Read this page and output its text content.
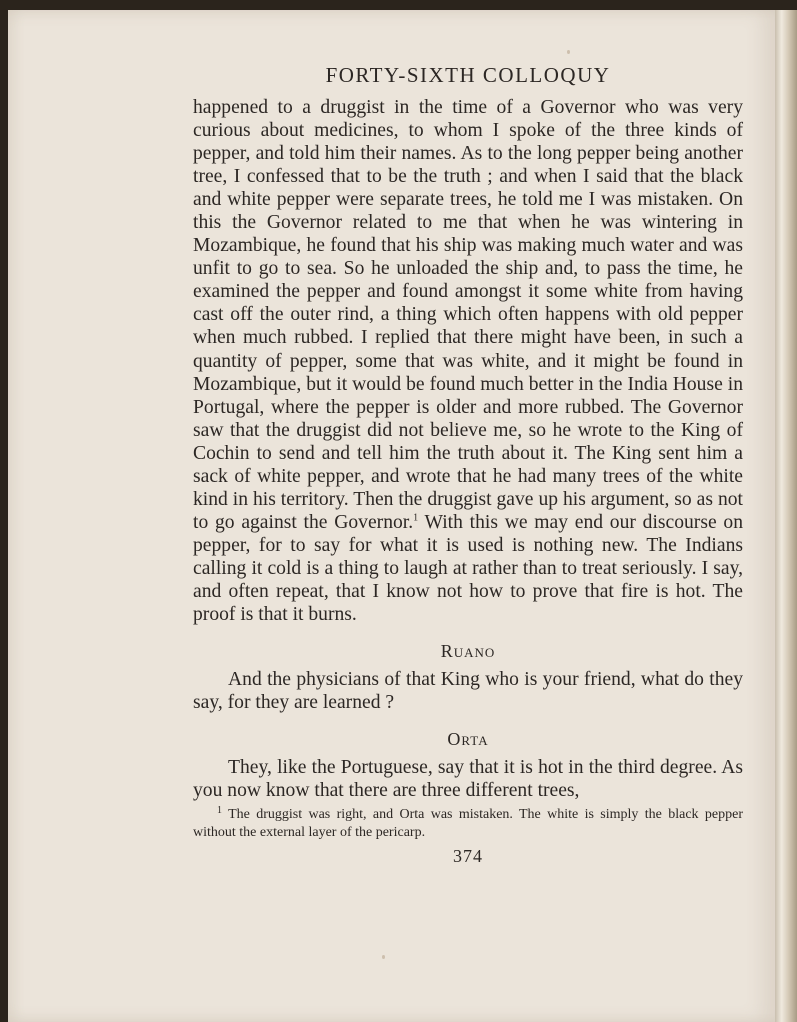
FORTY-SIXTH COLLOQUY

happened to a druggist in the time of a Governor who was very curious about medicines, to whom I spoke of the three kinds of pepper, and told him their names. As to the long pepper being another tree, I confessed that to be the truth ; and when I said that the black and white pepper were separate trees, he told me I was mistaken. On this the Governor related to me that when he was wintering in Mozambique, he found that his ship was making much water and was unfit to go to sea. So he unloaded the ship and, to pass the time, he examined the pepper and found amongst it some white from having cast off the outer rind, a thing which often happens with old pepper when much rubbed. I replied that there might have been, in such a quantity of pepper, some that was white, and it might be found in Mozambique, but it would be found much better in the India House in Portugal, where the pepper is older and more rubbed. The Governor saw that the druggist did not believe me, so he wrote to the King of Cochin to send and tell him the truth about it. The King sent him a sack of white pepper, and wrote that he had many trees of the white kind in his territory. Then the druggist gave up his argument, so as not to go against the Governor.$^1$ With this we may end our discourse on pepper, for to say for what it is used is nothing new. The Indians calling it cold is a thing to laugh at rather than to treat seriously. I say, and often repeat, that I know not how to prove that fire is hot. The proof is that it burns.

Ruano

And the physicians of that King who is your friend, what do they say, for they are learned ?

Orta

They, like the Portuguese, say that it is hot in the third degree. As you now know that there are three different trees,

$^1$ The druggist was right, and Orta was mistaken. The white is simply the black pepper without the external layer of the pericarp.

374
